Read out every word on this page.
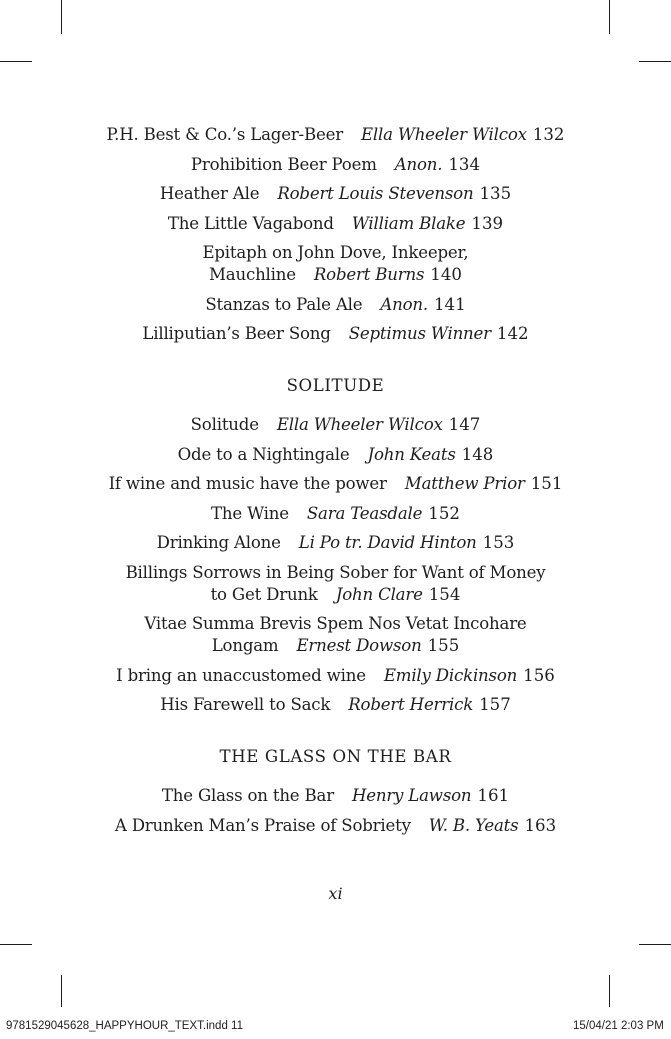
P.H. Best & Co.’s Lager-Beer Ella Wheeler Wilcox 132
Prohibition Beer Poem Anon. 134
Heather Ale Robert Louis Stevenson 135
The Little Vagabond William Blake 139
Epitaph on John Dove, Inkeeper, Mauchline Robert Burns 140
Stanzas to Pale Ale Anon. 141
Lilliputian’s Beer Song Septimus Winner 142
SOLITUDE
Solitude Ella Wheeler Wilcox 147
Ode to a Nightingale John Keats 148
If wine and music have the power Matthew Prior 151
The Wine Sara Teasdale 152
Drinking Alone Li Po tr. David Hinton 153
Billings Sorrows in Being Sober for Want of Money to Get Drunk John Clare 154
Vitae Summa Brevis Spem Nos Vetat Incohare Longam Ernest Dowson 155
I bring an unaccustomed wine Emily Dickinson 156
His Farewell to Sack Robert Herrick 157
THE GLASS ON THE BAR
The Glass on the Bar Henry Lawson 161
A Drunken Man’s Praise of Sobriety W. B. Yeats 163
xi
9781529045628_HAPPYHOUR_TEXT.indd 11	15/04/21 2:03 PM
